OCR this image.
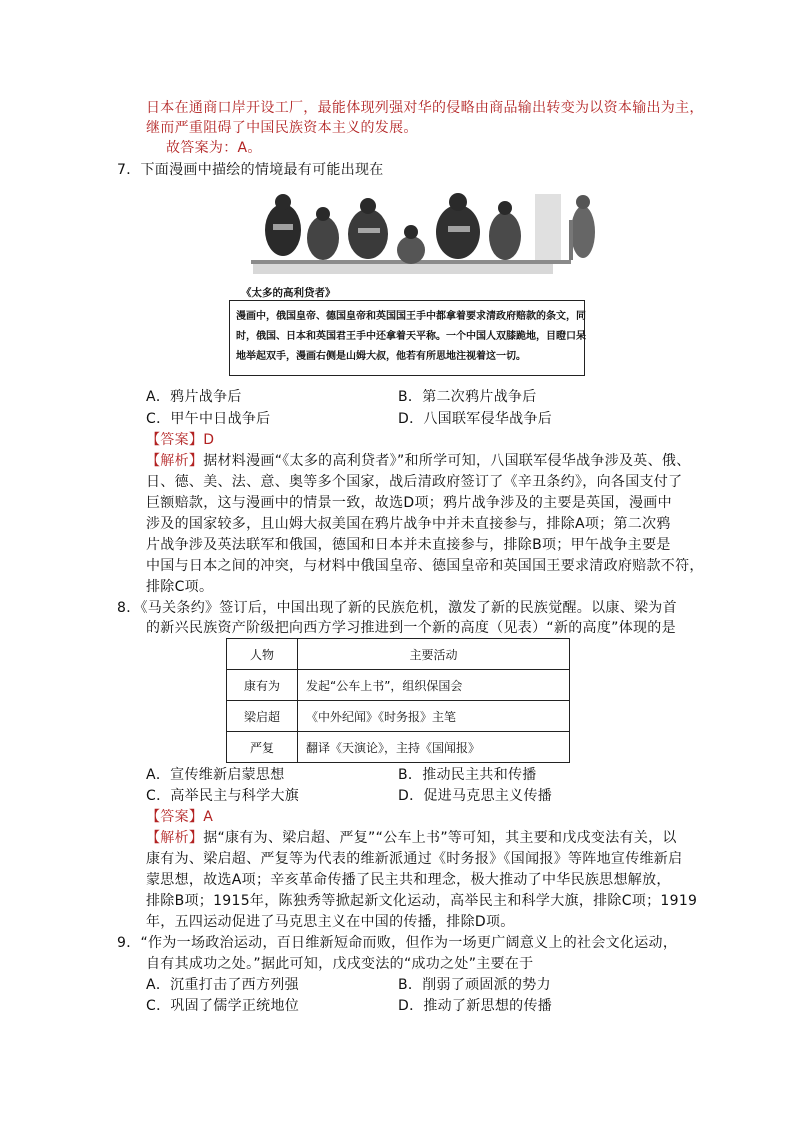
日本在通商口岸开设工厂，最能体现列强对华的侵略由商品输出转变为以资本输出为主，
继而严重阻碍了中国民族资本主义的发展。
故答案为：A。
7．下面漫画中描绘的情境最有可能出现在
《太多的高利贷者》
漫画中，俄国皇帝、德国皇帝和英国国王手中都拿着要求清政府赔款的条文，同
时，俄国、日本和英国君王手中还拿着天平称。一个中国人双膝跪地，目瞪口呆
地举起双手，漫画右侧是山姆大叔，他若有所思地注视着这一切。
A．鸦片战争后	B．第二次鸦片战争后
C．甲午中日战争后	D．八国联军侵华战争后
【答案】D
【解析】据材料漫画“《太多的高利贷者》”和所学可知，八国联军侵华战争涉及英、俄、
日、德、美、法、意、奥等多个国家，战后清政府签订了《辛丑条约》，向各国支付了
巨额赔款，这与漫画中的情景一致，故选D项；鸦片战争涉及的主要是英国，漫画中
涉及的国家较多，且山姆大叔美国在鸦片战争中并未直接参与，排除A项；第二次鸦
片战争涉及英法联军和俄国，德国和日本并未直接参与，排除B项；甲午战争主要是
中国与日本之间的冲突，与材料中俄国皇帝、德国皇帝和英国国王要求清政府赔款不符，
排除C项。
8．《马关条约》签订后，中国出现了新的民族危机，激发了新的民族觉醒。以康、梁为首
的新兴民族资产阶级把向西方学习推进到一个新的高度（见表）“新的高度”体现的是
人物	主要活动
康有为	发起“公车上书”，组织保国会
梁启超	《中外纪闻》《时务报》主笔
严复	翻译《天演论》，主持《国闻报》
A．宣传维新启蒙思想	B．推动民主共和传播
C．高举民主与科学大旗	D．促进马克思主义传播
【答案】A
【解析】据“康有为、梁启超、严复”“公车上书”等可知，其主要和戊戌变法有关，以
康有为、梁启超、严复等为代表的维新派通过《时务报》《国闻报》等阵地宣传维新启
蒙思想，故选A项；辛亥革命传播了民主共和理念，极大推动了中华民族思想解放，
排除B项；1915年，陈独秀等掀起新文化运动，高举民主和科学大旗，排除C项；1919
年，五四运动促进了马克思主义在中国的传播，排除D项。
9．“作为一场政治运动，百日维新短命而败，但作为一场更广阔意义上的社会文化运动，
自有其成功之处。”据此可知，戊戌变法的“成功之处”主要在于
A．沉重打击了西方列强	B．削弱了顽固派的势力
C．巩固了儒学正统地位	D．推动了新思想的传播
